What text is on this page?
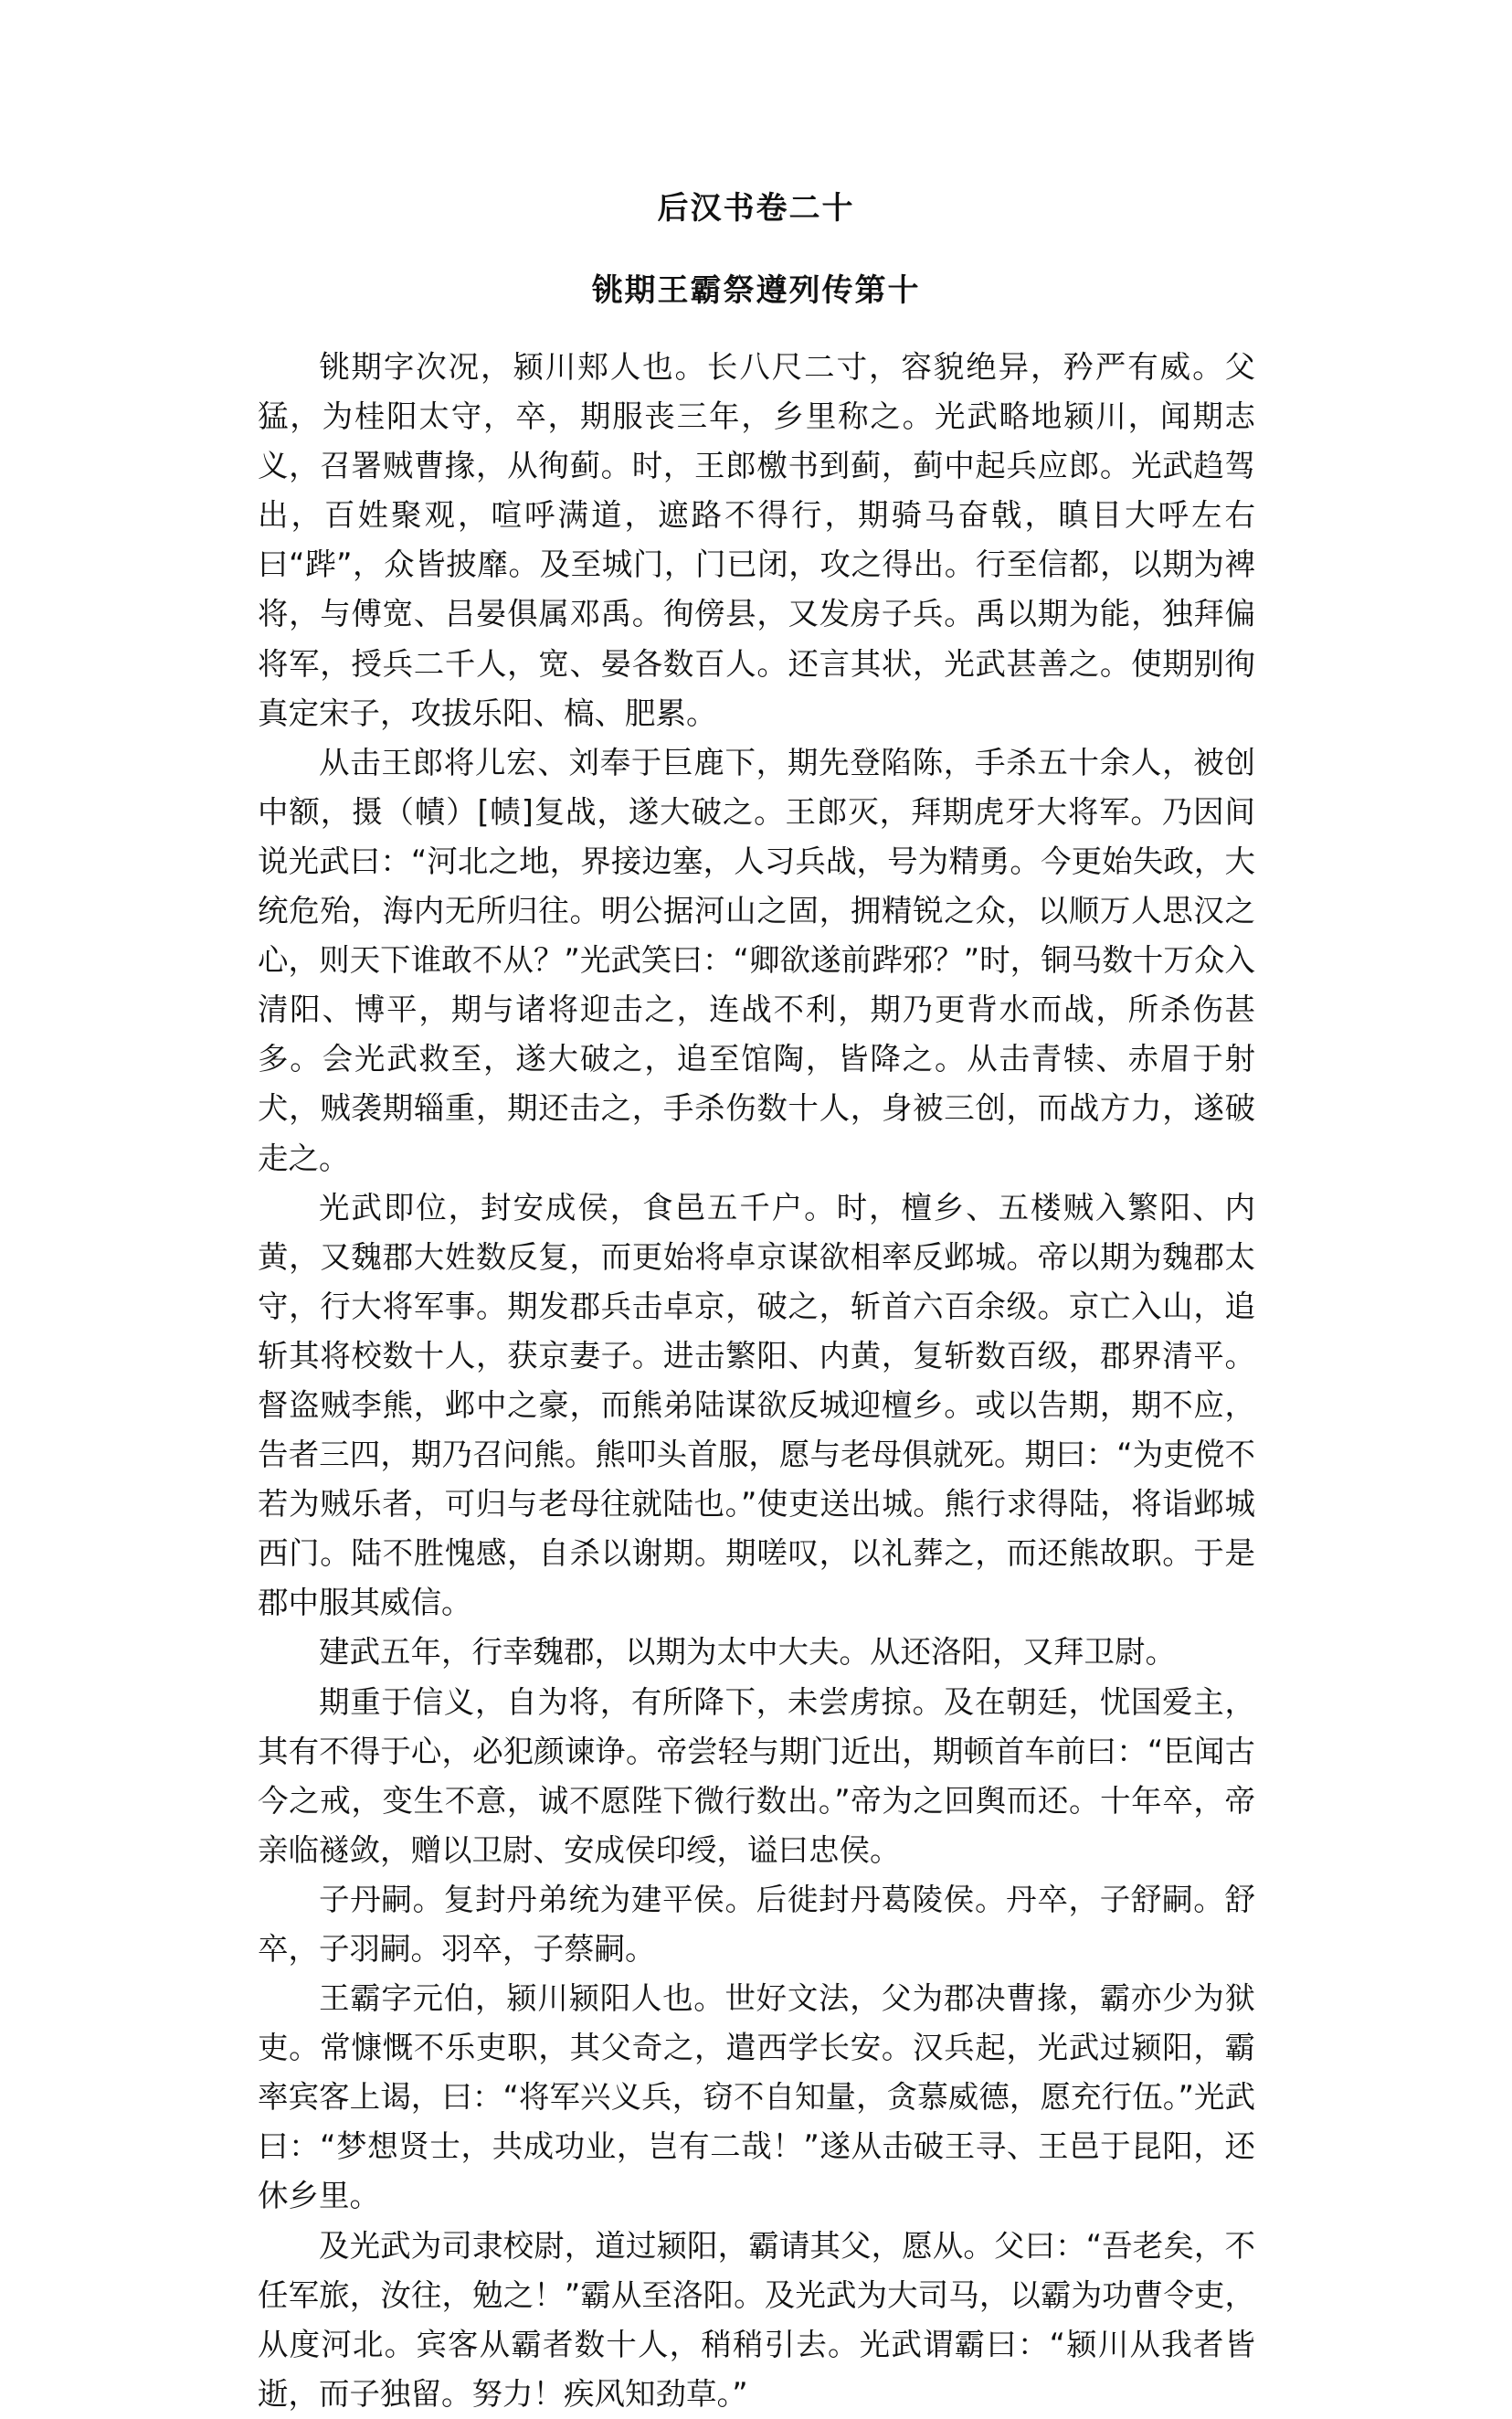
后汉书卷二十
铫期王霸祭遵列传第十

铫期字次况，颍川郏人也。长八尺二寸，容貌绝异，矜严有威。父猛，为桂阳太守，卒，期服丧三年，乡里称之。光武略地颍川，闻期志义，召署贼曹掾，从徇蓟。时，王郎檄书到蓟，蓟中起兵应郎。光武趋驾出，百姓聚观，喧呼满道，遮路不得行，期骑马奋戟，瞋目大呼左右曰“跸”，众皆披靡。及至城门，门已闭，攻之得出。行至信都，以期为裨将，与傅宽、吕晏俱属邓禹。徇傍县，又发房子兵。禹以期为能，独拜偏将军，授兵二千人，宽、晏各数百人。还言其状，光武甚善之。使期别徇真定宋子，攻拔乐阳、槁、肥累。

从击王郎将儿宏、刘奉于巨鹿下，期先登陷陈，手杀五十余人，被创中额，摄（幘）[帻]复战，遂大破之。王郎灭，拜期虎牙大将军。乃因间说光武曰：“河北之地，界接边塞，人习兵战，号为精勇。今更始失政，大统危殆，海内无所归往。明公据河山之固，拥精锐之众，以顺万人思汉之心，则天下谁敢不从？”光武笑曰：“卿欲遂前跸邪？”时，铜马数十万众入清阳、博平，期与诸将迎击之，连战不利，期乃更背水而战，所杀伤甚多。会光武救至，遂大破之，追至馆陶，皆降之。从击青犊、赤眉于射犬，贼袭期辎重，期还击之，手杀伤数十人，身被三创，而战方力，遂破走之。

光武即位，封安成侯，食邑五千户。时，檀乡、五楼贼入繁阳、内黄，又魏郡大姓数反复，而更始将卓京谋欲相率反邺城。帝以期为魏郡太守，行大将军事。期发郡兵击卓京，破之，斩首六百余级。京亡入山，追斩其将校数十人，获京妻子。进击繁阳、内黄，复斩数百级，郡界清平。督盗贼李熊，邺中之豪，而熊弟陆谋欲反城迎檀乡。或以告期，期不应，告者三四，期乃召问熊。熊叩头首服，愿与老母俱就死。期曰：“为吏傥不若为贼乐者，可归与老母往就陆也。”使吏送出城。熊行求得陆，将诣邺城西门。陆不胜愧感，自杀以谢期。期嗟叹，以礼葬之，而还熊故职。于是郡中服其威信。

建武五年，行幸魏郡，以期为太中大夫。从还洛阳，又拜卫尉。

期重于信义，自为将，有所降下，未尝虏掠。及在朝廷，忧国爱主，其有不得于心，必犯颜谏诤。帝尝轻与期门近出，期顿首车前曰：“臣闻古今之戒，变生不意，诚不愿陛下微行数出。”帝为之回舆而还。十年卒，帝亲临襚敛，赠以卫尉、安成侯印绶，谥曰忠侯。

子丹嗣。复封丹弟统为建平侯。后徙封丹葛陵侯。丹卒，子舒嗣。舒卒，子羽嗣。羽卒，子蔡嗣。

王霸字元伯，颍川颍阳人也。世好文法，父为郡决曹掾，霸亦少为狱吏。常慷慨不乐吏职，其父奇之，遣西学长安。汉兵起，光武过颍阳，霸率宾客上谒，曰：“将军兴义兵，窃不自知量，贪慕威德，愿充行伍。”光武曰：“梦想贤士，共成功业，岂有二哉！”遂从击破王寻、王邑于昆阳，还休乡里。

及光武为司隶校尉，道过颍阳，霸请其父，愿从。父曰：“吾老矣，不任军旅，汝往，勉之！”霸从至洛阳。及光武为大司马，以霸为功曹令吏，从度河北。宾客从霸者数十人，稍稍引去。光武谓霸曰：“颍川从我者皆逝，而子独留。努力！疾风知劲草。”
